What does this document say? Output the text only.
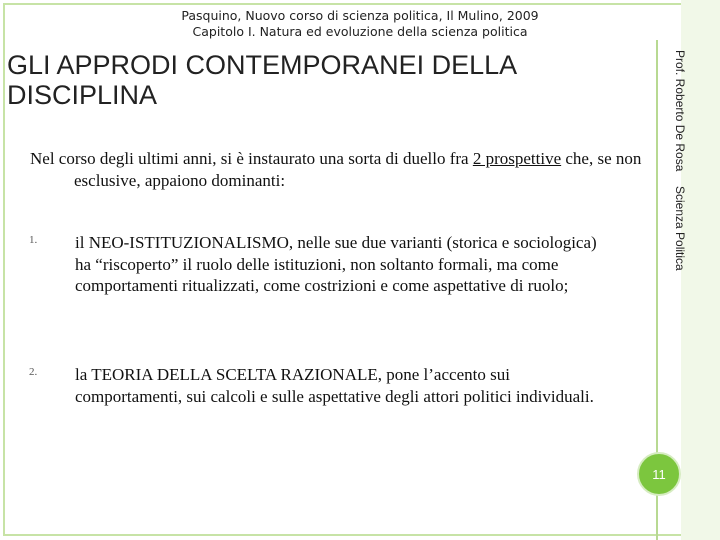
Pasquino, Nuovo corso di scienza politica, Il Mulino, 2009
Capitolo I. Natura ed evoluzione della scienza politica
GLI APPRODI CONTEMPORANEI DELLA DISCIPLINA	Prof. Roberto De Rosa
Scienza Politica

Nel corso degli ultimi anni, si è instaurato una sorta di duello fra 2 prospettive che, se non esclusive, appaiono dominanti:

1. il NEO-ISTITUZIONALISMO, nelle sue due varianti (storica e sociologica) ha “riscoperto” il ruolo delle istituzioni, non soltanto formali, ma come comportamenti ritualizzati, come costrizioni e come aspettative di ruolo;

2. la TEORIA DELLA SCELTA RAZIONALE, pone l’accento sui comportamenti, sui calcoli e sulle aspettative degli attori politici individuali.

11
